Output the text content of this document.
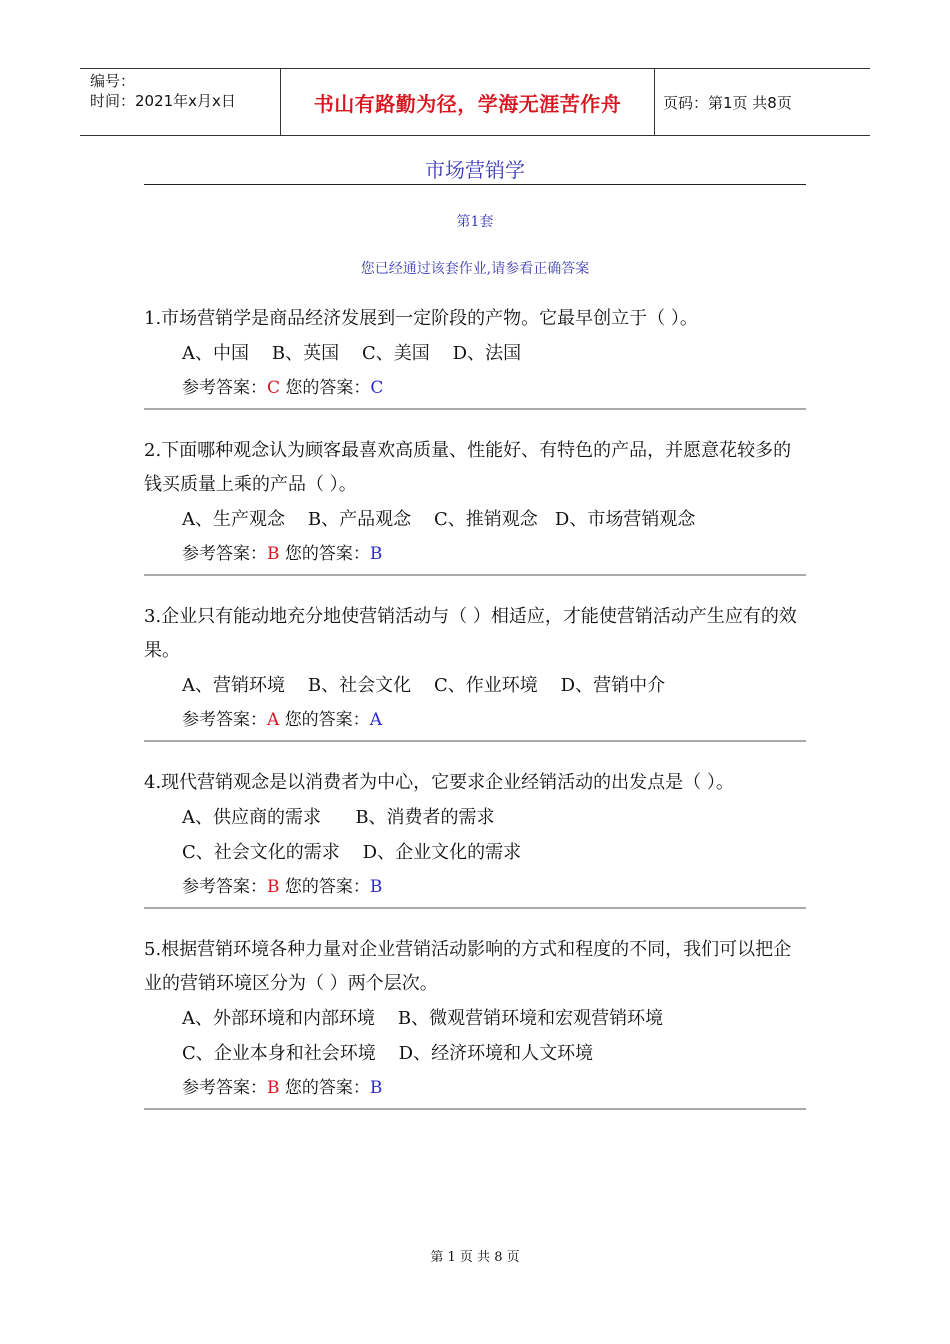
编号：
时间：2021年x月x日	书山有路勤为径，学海无涯苦作舟	页码：第1页 共8页
市场营销学
第1套
您已经通过该套作业,请参看正确答案

1.市场营销学是商品经济发展到一定阶段的产物。它最早创立于（ ）。

A、中国    B、英国    C、美国    D、法国
参考答案：C 您的答案：C

2.下面哪种观念认为顾客最喜欢高质量、性能好、有特色的产品，并愿意花较多的钱买质量上乘的产品（ ）。

A、生产观念    B、产品观念    C、推销观念   D、市场营销观念
参考答案：B 您的答案：B

3.企业只有能动地充分地使营销活动与（ ）相适应，才能使营销活动产生应有的效果。

A、营销环境    B、社会文化    C、作业环境    D、营销中介
参考答案：A 您的答案：A

4.现代营销观念是以消费者为中心，它要求企业经销活动的出发点是（ ）。

A、供应商的需求      B、消费者的需求
C、社会文化的需求    D、企业文化的需求
参考答案：B 您的答案：B

5.根据营销环境各种力量对企业营销活动影响的方式和程度的不同，我们可以把企业的营销环境区分为（ ）两个层次。

A、外部环境和内部环境    B、微观营销环境和宏观营销环境
C、企业本身和社会环境    D、经济环境和人文环境
参考答案：B 您的答案：B
第 1 页 共 8 页
